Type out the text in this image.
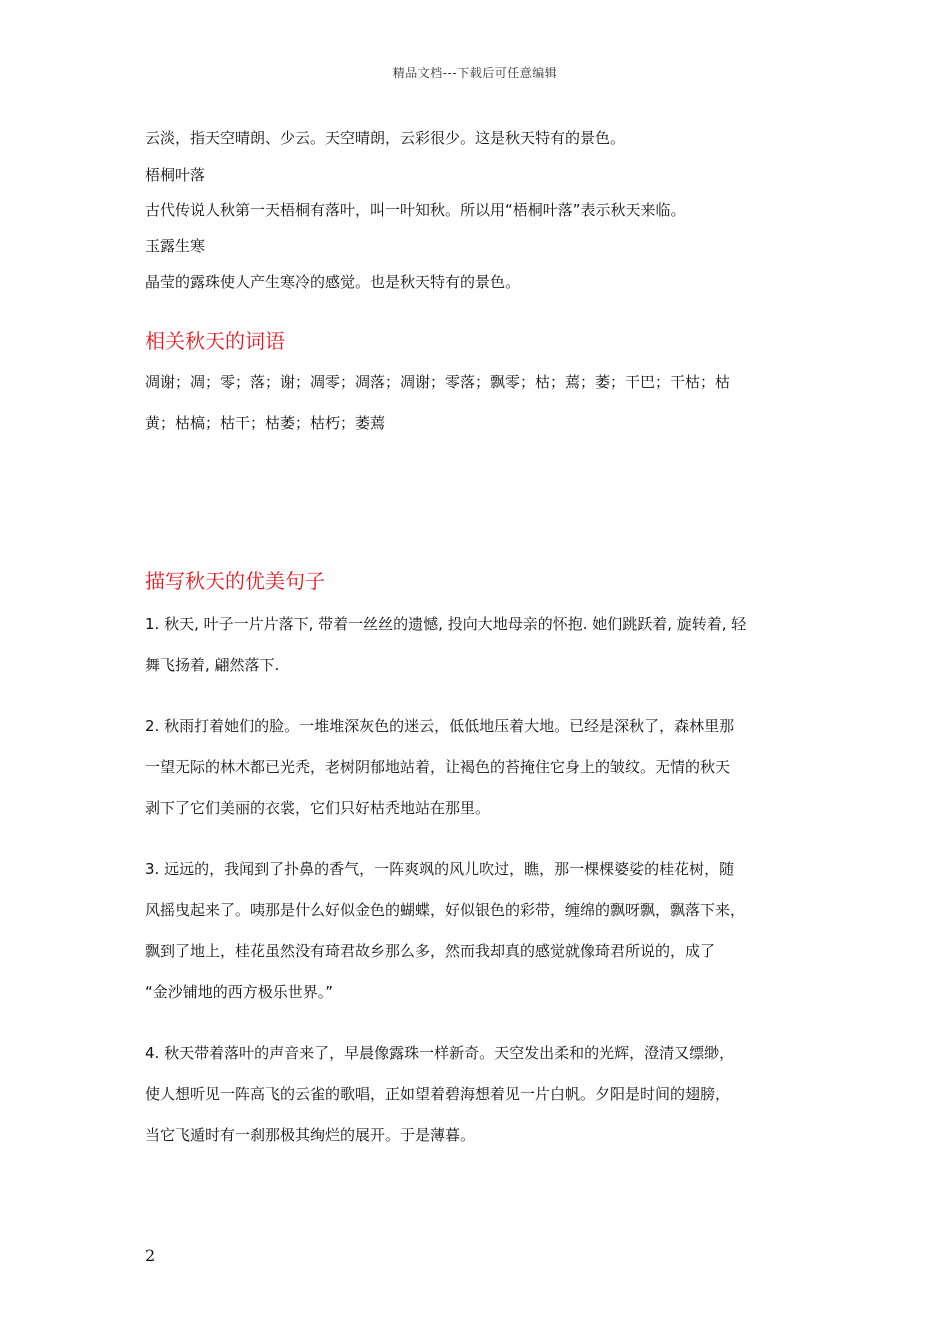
精品文档---下载后可任意编辑
云淡，指天空晴朗、少云。天空晴朗，云彩很少。这是秋天特有的景色。
梧桐叶落
古代传说人秋第一天梧桐有落叶，叫一叶知秋。所以用“梧桐叶落”表示秋天来临。
玉露生寒
晶莹的露珠使人产生寒冷的感觉。也是秋天特有的景色。
相关秋天的词语
凋谢；凋；零；落；谢；凋零；凋落；凋谢；零落；飘零；枯；蔫；萎；干巴；干枯；枯
黄；枯槁；枯干；枯萎；枯朽；萎蔫
描写秋天的优美句子
1. 秋天, 叶子一片片落下, 带着一丝丝的遗憾, 投向大地母亲的怀抱. 她们跳跃着, 旋转着, 轻
舞飞扬着, 翩然落下.
2. 秋雨打着她们的脸。一堆堆深灰色的迷云，低低地压着大地。已经是深秋了，森林里那
一望无际的林木都已光秃，老树阴郁地站着，让褐色的苔掩住它身上的皱纹。无情的秋天
剥下了它们美丽的衣裳，它们只好枯秃地站在那里。
3. 远远的，我闻到了扑鼻的香气，一阵爽飒的风儿吹过，瞧，那一棵棵婆娑的桂花树，随
风摇曳起来了。咦那是什么好似金色的蝴蝶，好似银色的彩带，缠绵的飘呀飘，飘落下来，
飘到了地上，桂花虽然没有琦君故乡那么多，然而我却真的感觉就像琦君所说的，成了
“金沙铺地的西方极乐世界。”
4. 秋天带着落叶的声音来了，早晨像露珠一样新奇。天空发出柔和的光辉，澄清又缥缈，
使人想听见一阵高飞的云雀的歌唱，正如望着碧海想着见一片白帆。夕阳是时间的翅膀，
当它飞遁时有一刹那极其绚烂的展开。于是薄暮。
2
